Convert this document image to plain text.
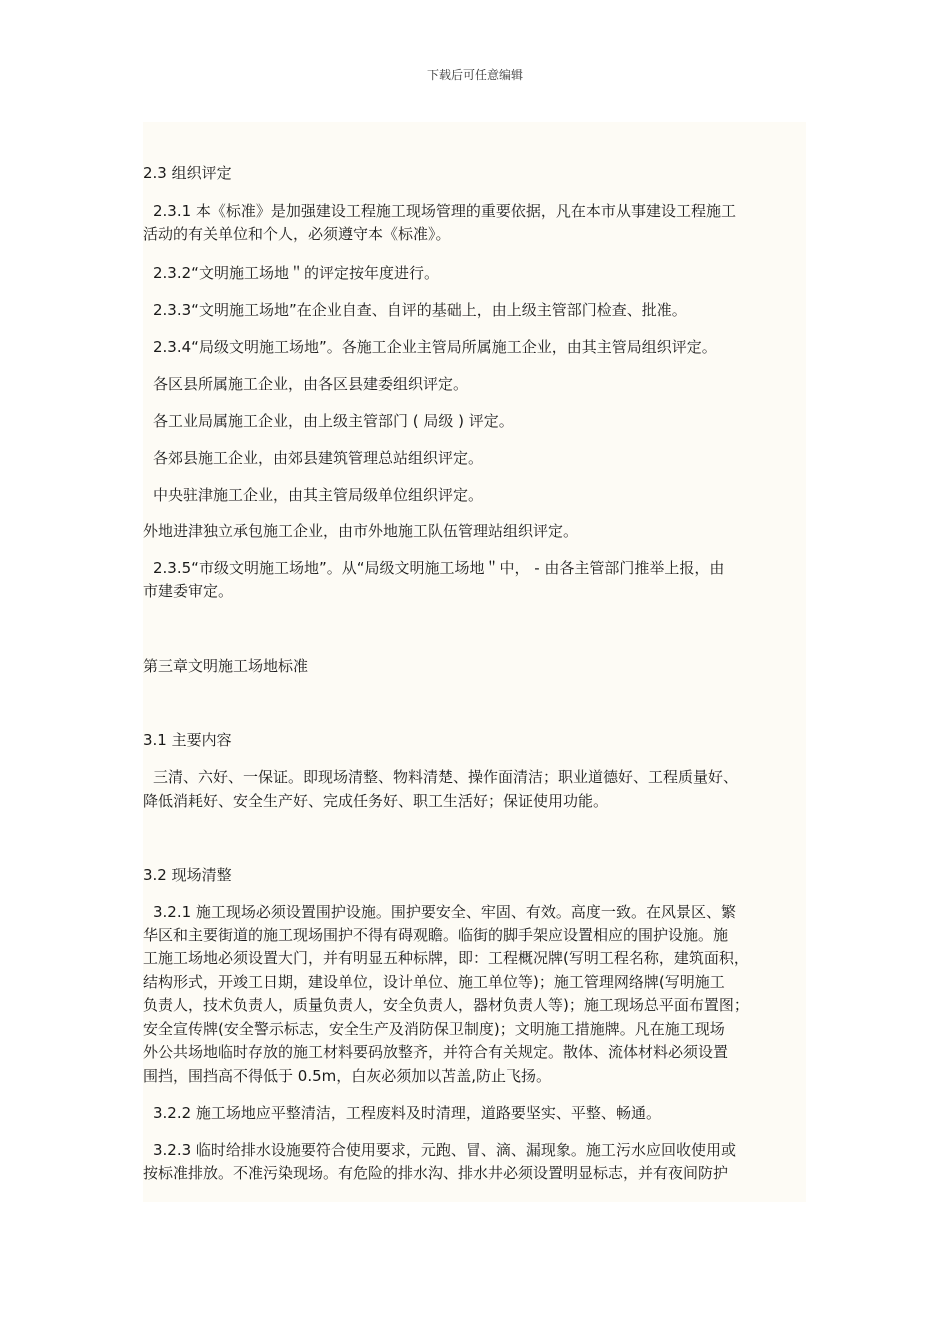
下载后可任意编辑
2.3 组织评定
2.3.1 本《标准》是加强建设工程施工现场管理的重要依据，凡在本市从事建设工程施工
活动的有关单位和个人，必须遵守本《标准》。
2.3.2“文明施工场地＂的评定按年度进行。
2.3.3“文明施工场地”在企业自查、自评的基础上，由上级主管部门检查、批准。
2.3.4“局级文明施工场地”。各施工企业主管局所属施工企业，由其主管局组织评定。
各区县所属施工企业，由各区县建委组织评定。
各工业局属施工企业，由上级主管部门 ( 局级 ) 评定。
各郊县施工企业，由郊县建筑管理总站组织评定。
中央驻津施工企业，由其主管局级单位组织评定。
外地进津独立承包施工企业，由市外地施工队伍管理站组织评定。
2.3.5“市级文明施工场地”。从“局级文明施工场地＂中， - 由各主管部门推举上报，由
市建委审定。
第三章文明施工场地标准
3.1 主要内容
三清、六好、一保证。即现场清整、物料清楚、操作面清洁；职业道德好、工程质量好、
降低消耗好、安全生产好、完成任务好、职工生活好；保证使用功能。
3.2 现场清整
3.2.1 施工现场必须设置围护设施。围护要安全、牢固、有效。高度一致。在风景区、繁
华区和主要街道的施工现场围护不得有碍观瞻。临街的脚手架应设置相应的围护设施。施
工施工场地必须设置大门，并有明显五种标牌，即：工程概况牌(写明工程名称，建筑面积，
结构形式，开竣工日期，建设单位，设计单位、施工单位等)；施工管理网络牌(写明施工
负责人，技术负责人，质量负责人，安全负责人，器材负责人等)；施工现场总平面布置图；
安全宣传牌(安全警示标志，安全生产及消防保卫制度)；文明施工措施牌。凡在施工现场
外公共场地临时存放的施工材料要码放整齐，并符合有关规定。散体、流体材料必须设置
围挡，围挡高不得低于 0.5m，白灰必须加以苫盖,防止飞扬。
3.2.2 施工场地应平整清洁，工程废料及时清理，道路要坚实、平整、畅通。
3.2.3 临时给排水设施要符合使用要求，元跑、冒、滴、漏现象。施工污水应回收使用或
按标准排放。不准污染现场。有危险的排水沟、排水井必须设置明显标志，并有夜间防护
